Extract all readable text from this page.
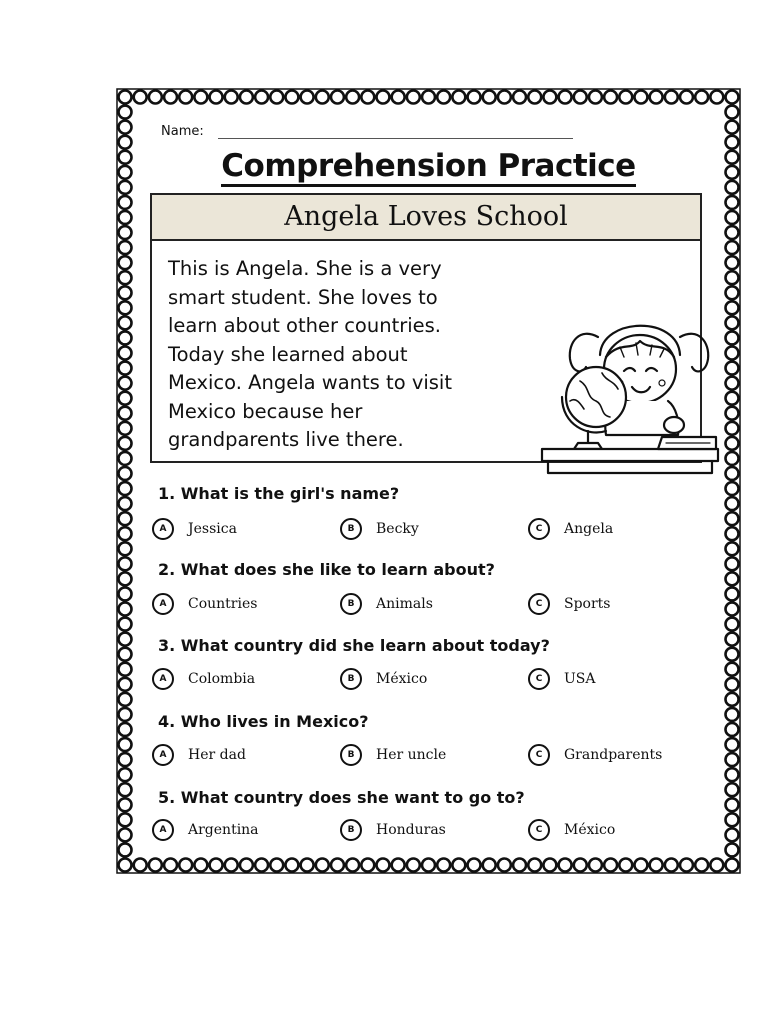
Name:
Comprehension Practice
Angela Loves School
This is Angela. She is a very
smart student. She loves to
learn about other countries.
Today she learned about
Mexico. Angela wants to visit
Mexico because her
grandparents live there.
1. What is the girl's name?
A	Jessica	B	Becky	C	Angela
2. What does she like to learn about?
A	Countries	B	Animals	C	Sports
3. What country did she learn about today?
A	Colombia	B	México	C	USA
4. Who lives in Mexico?
A	Her dad	B	Her uncle	C	Grandparents
5. What country does she want to go to?
A	Argentina	B	Honduras	C	México
